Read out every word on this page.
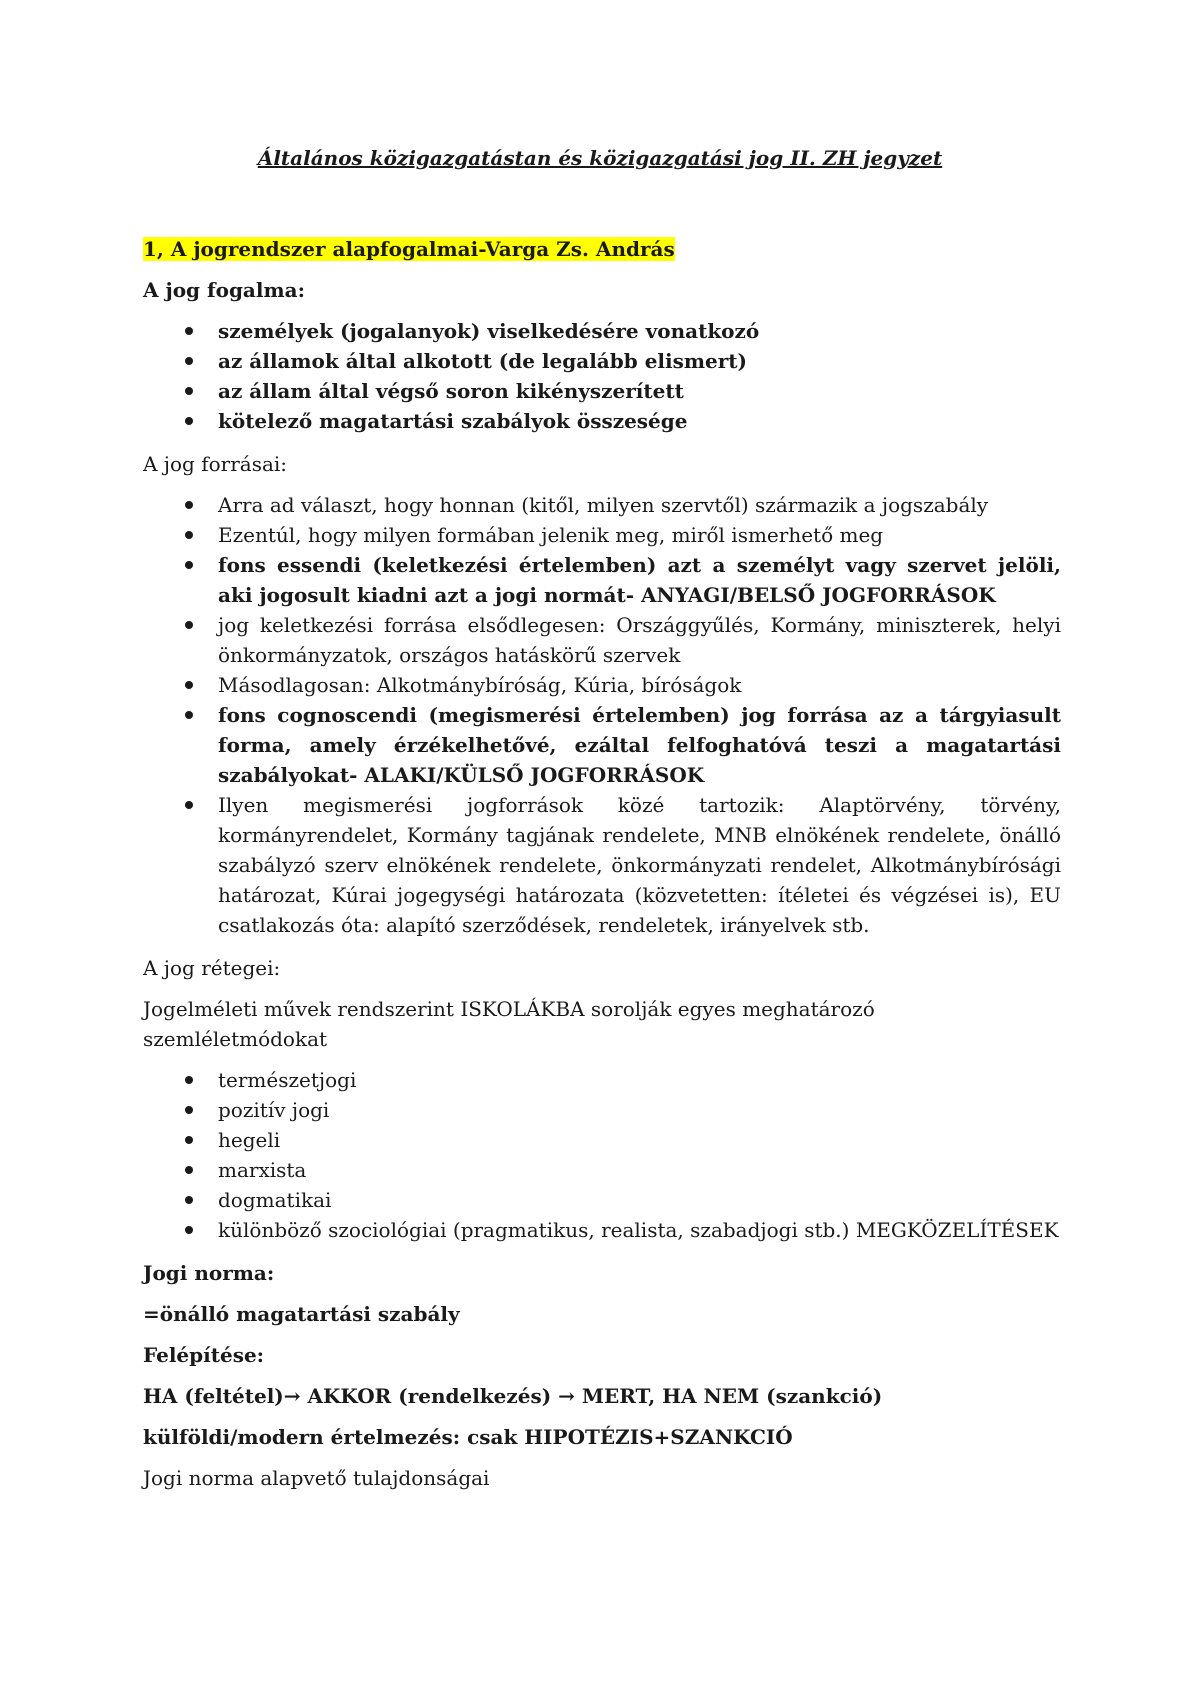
Általános közigazgatástan és közigazgatási jog II. ZH jegyzet
1, A jogrendszer alapfogalmai-Varga Zs. András
A jog fogalma:
személyek (jogalanyok) viselkedésére vonatkozó
az államok által alkotott (de legalább elismert)
az állam által végső soron kikényszerített
kötelező magatartási szabályok összesége
A jog forrásai:
Arra ad választ, hogy honnan (kitől, milyen szervtől) származik a jogszabály
Ezentúl, hogy milyen formában jelenik meg, miről ismerhető meg
fons essendi (keletkezési értelemben) azt a személyt vagy szervet jelöli, aki jogosult kiadni azt a jogi normát- ANYAGI/BELSŐ JOGFORRÁSOK
jog keletkezési forrása elsődlegesen: Országgyűlés, Kormány, miniszterek, helyi önkormányzatok, országos hatáskörű szervek
Másodlagosan: Alkotmánybíróság, Kúria, bíróságok
fons cognoscendi (megismerési értelemben) jog forrása az a tárgyiasult forma, amely érzékelhetővé, ezáltal felfoghatóvá teszi a magatartási szabályokat- ALAKI/KÜLSŐ JOGFORRÁSOK
Ilyen megismerési jogforrások közé tartozik: Alaptörvény, törvény, kormányrendelet, Kormány tagjának rendelete, MNB elnökének rendelete, önálló szabályzó szerv elnökének rendelete, önkormányzati rendelet, Alkotmánybírósági határozat, Kúrai jogegységi határozata (közvetetten: ítéletei és végzései is), EU csatlakozás óta: alapító szerződések, rendeletek, irányelvek stb.
A jog rétegei:
Jogelméleti művek rendszerint ISKOLÁKBA sorolják egyes meghatározó szemléletmódokat
természetjogi
pozitív jogi
hegeli
marxista
dogmatikai
különböző szociológiai (pragmatikus, realista, szabadjogi stb.) MEGKÖZELÍTÉSEK
Jogi norma:
=önálló magatartási szabály
Felépítése:
HA (feltétel)→ AKKOR (rendelkezés) → MERT, HA NEM (szankció)
külföldi/modern értelmezés: csak HIPOTÉZIS+SZANKCIÓ
Jogi norma alapvető tulajdonságai
